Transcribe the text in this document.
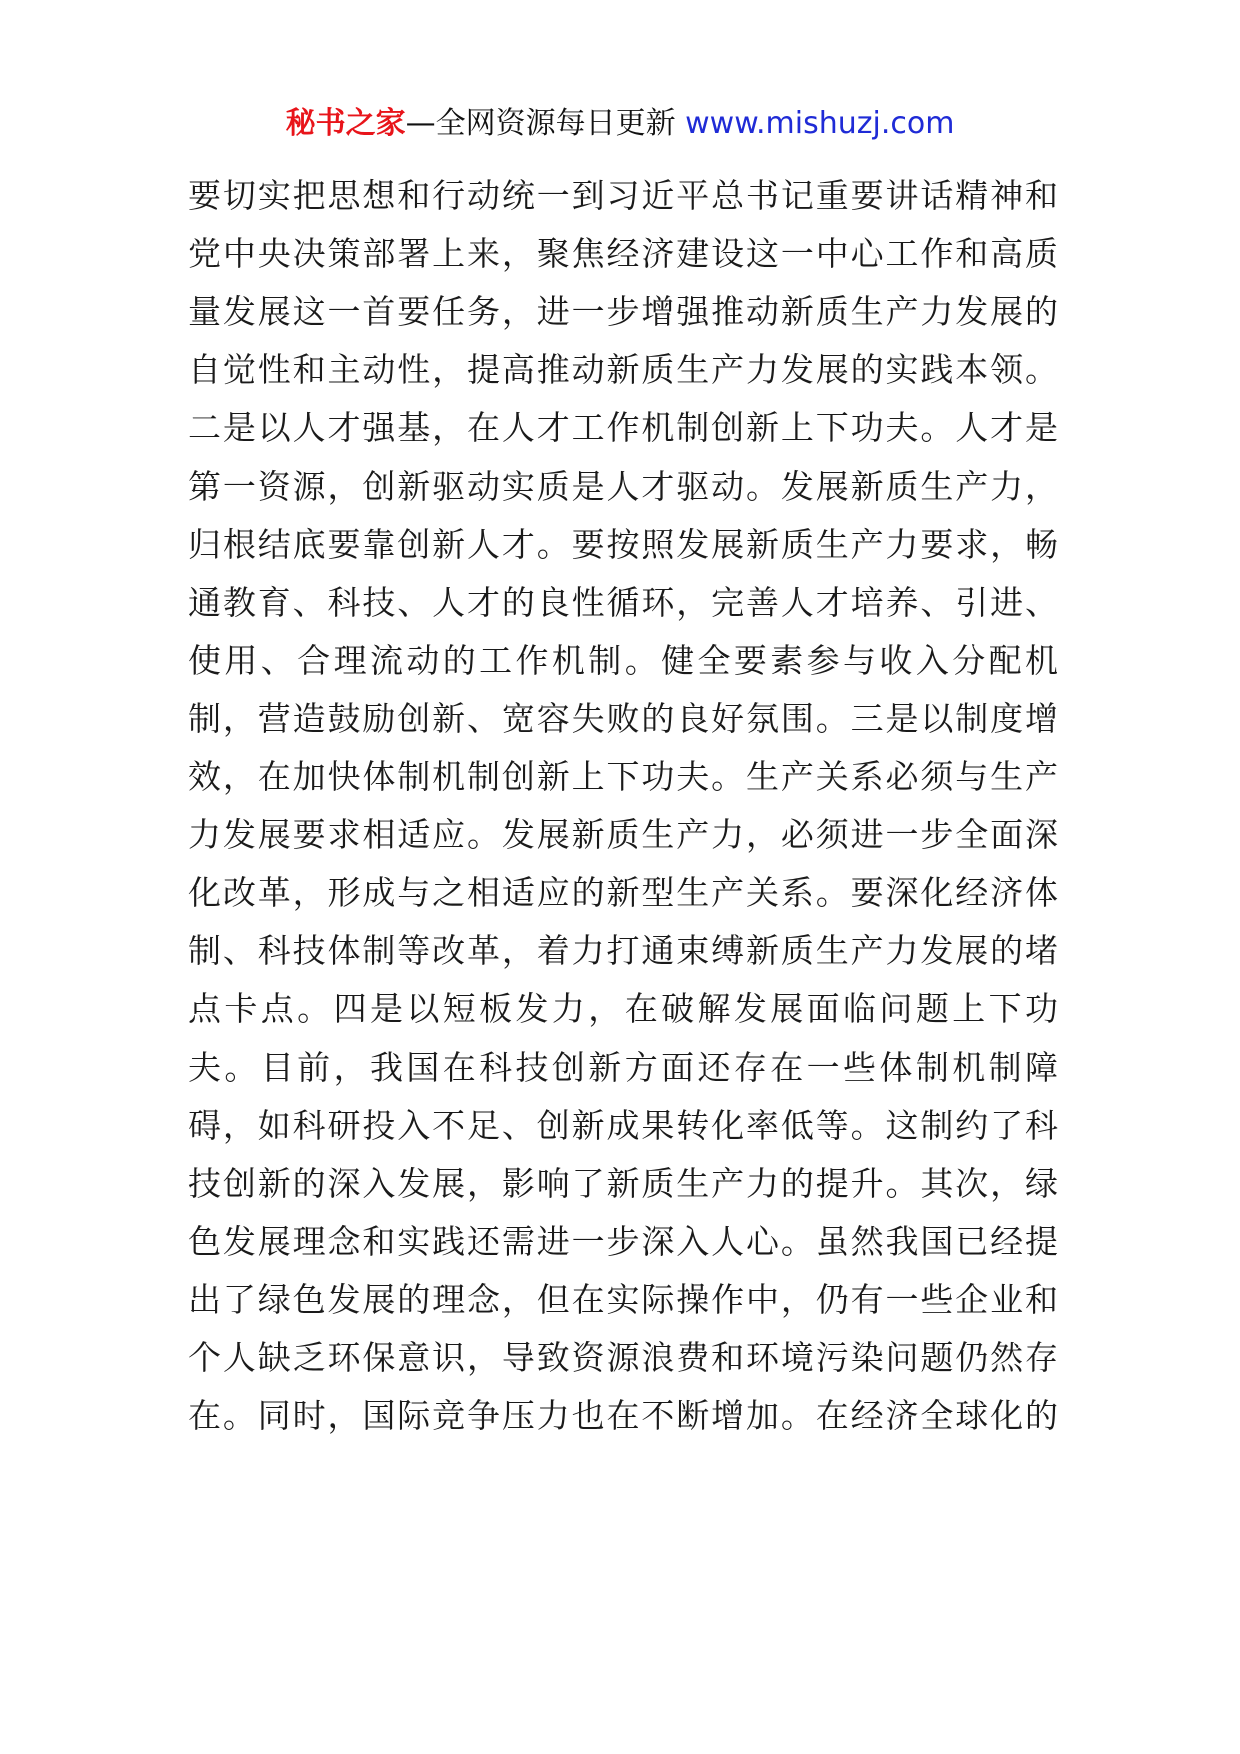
秘书之家—全网资源每日更新 www.mishuzj.com
要切实把思想和行动统一到习近平总书记重要讲话精神和
党中央决策部署上来，聚焦经济建设这一中心工作和高质
量发展这一首要任务，进一步增强推动新质生产力发展的
自觉性和主动性，提高推动新质生产力发展的实践本领。
二是以人才强基，在人才工作机制创新上下功夫。人才是
第一资源，创新驱动实质是人才驱动。发展新质生产力，
归根结底要靠创新人才。要按照发展新质生产力要求，畅
通教育、科技、人才的良性循环，完善人才培养、引进、
使用、合理流动的工作机制。健全要素参与收入分配机
制，营造鼓励创新、宽容失败的良好氛围。三是以制度增
效，在加快体制机制创新上下功夫。生产关系必须与生产
力发展要求相适应。发展新质生产力，必须进一步全面深
化改革，形成与之相适应的新型生产关系。要深化经济体
制、科技体制等改革，着力打通束缚新质生产力发展的堵
点卡点。四是以短板发力，在破解发展面临问题上下功
夫。目前，我国在科技创新方面还存在一些体制机制障
碍，如科研投入不足、创新成果转化率低等。这制约了科
技创新的深入发展，影响了新质生产力的提升。其次，绿
色发展理念和实践还需进一步深入人心。虽然我国已经提
出了绿色发展的理念，但在实际操作中，仍有一些企业和
个人缺乏环保意识，导致资源浪费和环境污染问题仍然存
在。同时，国际竞争压力也在不断增加。在经济全球化的
